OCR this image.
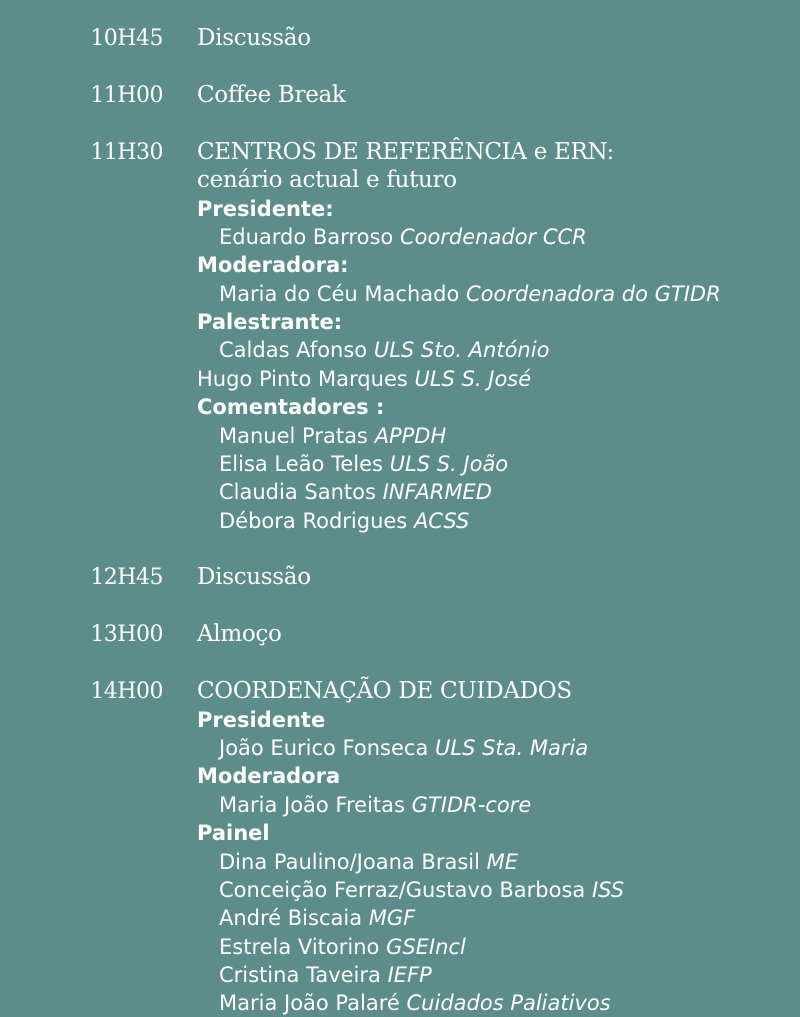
10H45 Discussão
11H00 Coffee Break
11H30 CENTROS DE REFERÊNCIA e ERN:
cenário actual e futuro
Presidente:
Eduardo Barroso Coordenador CCR
Moderadora:
Maria do Céu Machado Coordenadora do GTIDR
Palestrante:
Caldas Afonso ULS Sto. António
Hugo Pinto Marques ULS S. José
Comentadores :
Manuel Pratas APPDH
Elisa Leão Teles ULS S. João
Claudia Santos INFARMED
Débora Rodrigues ACSS
12H45 Discussão
13H00 Almoço
14H00 COORDENAÇÃO DE CUIDADOS
Presidente
João Eurico Fonseca ULS Sta. Maria
Moderadora
Maria João Freitas GTIDR-core
Painel
Dina Paulino/Joana Brasil ME
Conceição Ferraz/Gustavo Barbosa ISS
André Biscaia MGF
Estrela Vitorino GSEIncl
Cristina Taveira IEFP
Maria João Palaré Cuidados Paliativos
